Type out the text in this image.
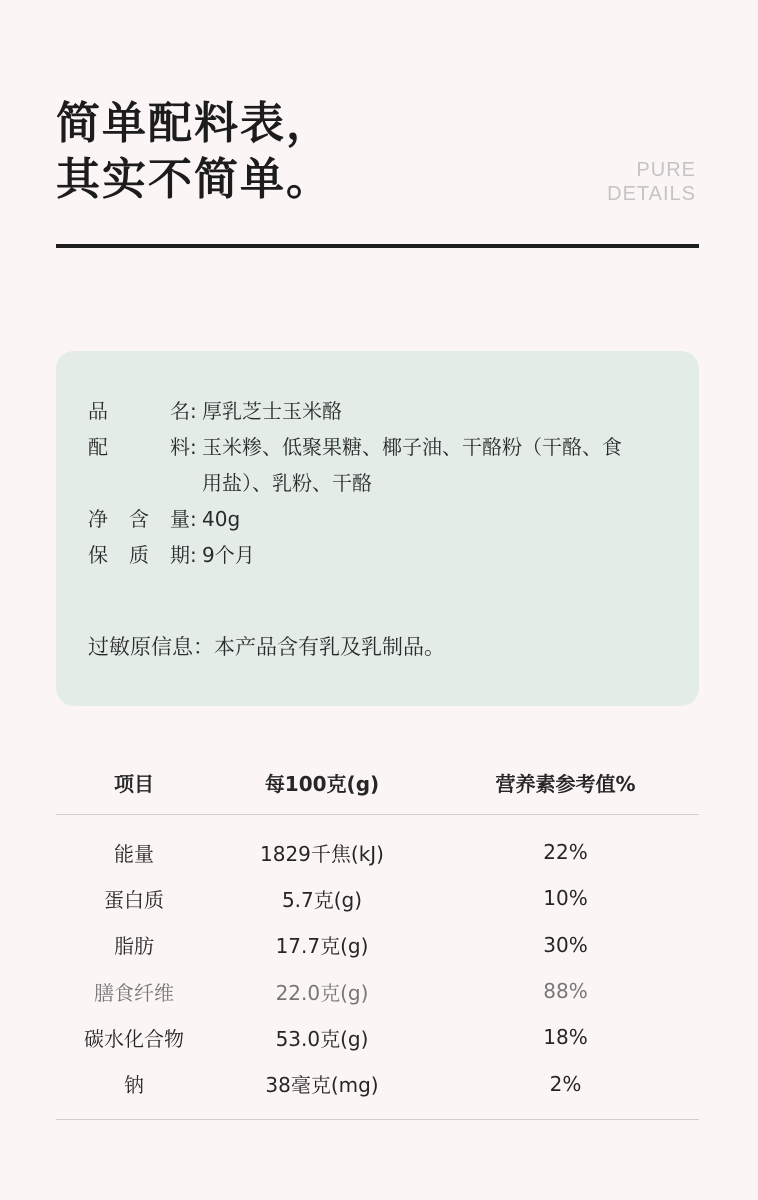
简单配料表，
其实不简单。	PURE
DETAILS
品	名 : 厚乳芝士玉米酪
配	料 : 玉米糁、低聚果糖、椰子油、干酪粉（干酪、食
用盐）、乳粉、干酪
净 含 量 : 40g
保 质 期 : 9个月
过敏原信息：本产品含有乳及乳制品。
项目	每100克(g)	营养素参考值%
能量	1829千焦(kJ)	22%
蛋白质	5.7克(g)	10%
脂肪	17.7克(g)	30%
膳食纤维	22.0克(g)	88%
碳水化合物	53.0克(g)	18%
钠	38毫克(mg)	2%
